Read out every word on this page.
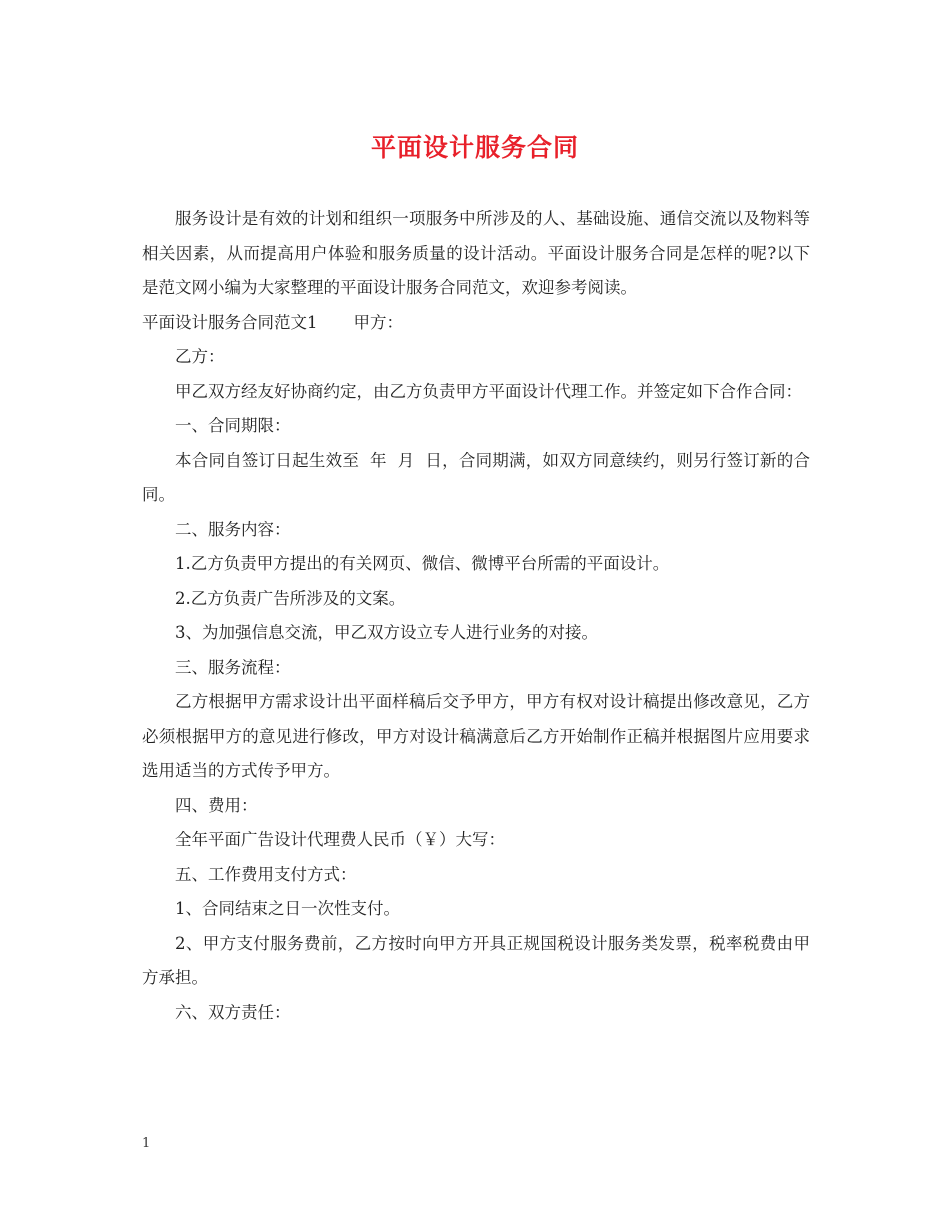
平面设计服务合同

服务设计是有效的计划和组织一项服务中所涉及的人、基础设施、通信交流以及物料等相关因素，从而提高用户体验和服务质量的设计活动。平面设计服务合同是怎样的呢?以下是范文网小编为大家整理的平面设计服务合同范文，欢迎参考阅读。

平面设计服务合同范文1 甲方：

乙方：

甲乙双方经友好协商约定，由乙方负责甲方平面设计代理工作。并签定如下合作合同：

一、合同期限：

本合同自签订日起生效至  年  月  日，合同期满，如双方同意续约，则另行签订新的合同。

二、服务内容：

1.乙方负责甲方提出的有关网页、微信、微博平台所需的平面设计。

2.乙方负责广告所涉及的文案。

3、为加强信息交流，甲乙双方设立专人进行业务的对接。

三、服务流程：

乙方根据甲方需求设计出平面样稿后交予甲方，甲方有权对设计稿提出修改意见，乙方必须根据甲方的意见进行修改，甲方对设计稿满意后乙方开始制作正稿并根据图片应用要求选用适当的方式传予甲方。

四、费用：

全年平面广告设计代理费人民币（￥）大写：

五、工作费用支付方式：

1、合同结束之日一次性支付。

2、甲方支付服务费前，乙方按时向甲方开具正规国税设计服务类发票，税率税费由甲方承担。

六、双方责任：

1
